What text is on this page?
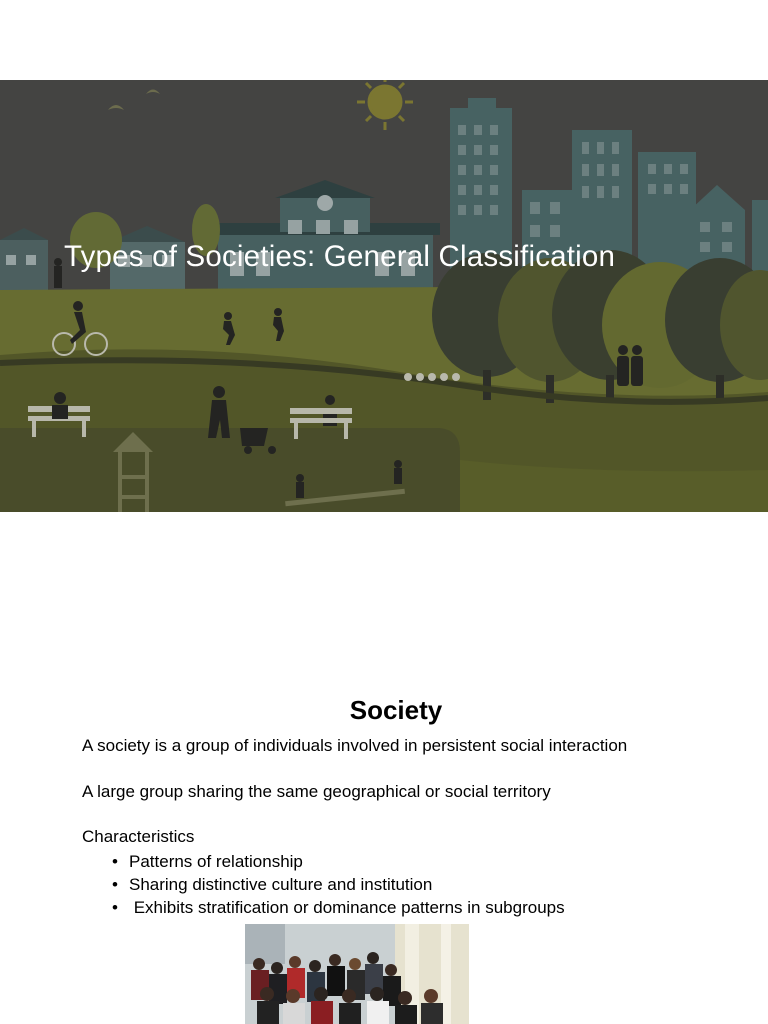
Types of Societies: General Classification
Society
A society is a group of individuals involved in persistent social interaction
A large group sharing the same geographical or social territory
Characteristics
• Patterns of relationship
• Sharing distinctive culture and institution
• Exhibits stratification or dominance patterns in subgroups
